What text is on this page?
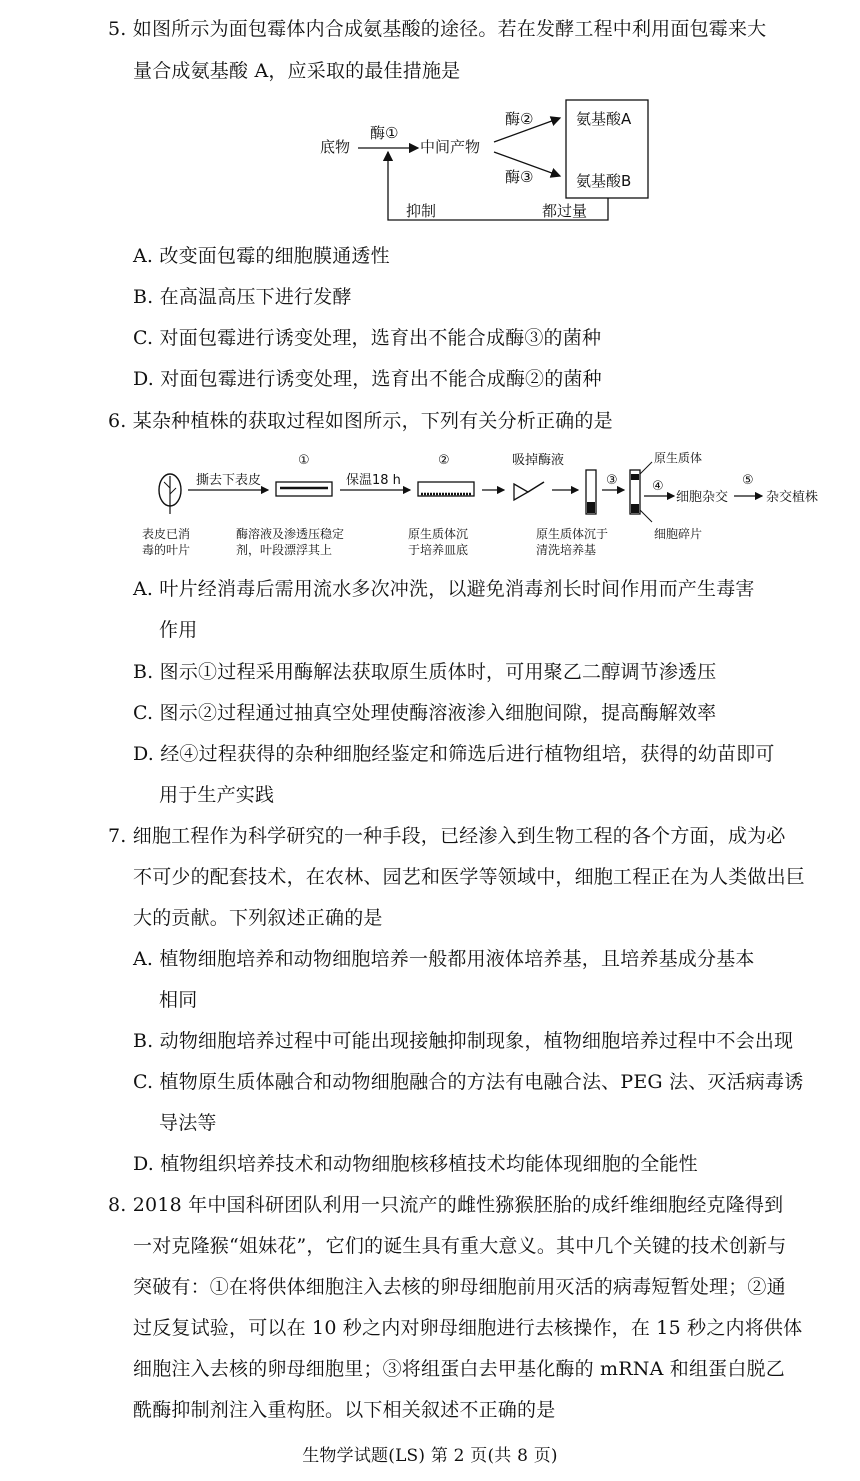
5. 如图所示为面包霉体内合成氨基酸的途径。若在发酵工程中利用面包霉来大
量合成氨基酸 A，应采取的最佳措施是
底物
酶①
中间产物
酶②
酶③
氨基酸A
氨基酸B
抑制	都过量
A. 改变面包霉的细胞膜通透性
B. 在高温高压下进行发酵
C. 对面包霉进行诱变处理，选育出不能合成酶③的菌种
D. 对面包霉进行诱变处理，选育出不能合成酶②的菌种
6. 某杂种植株的获取过程如图所示，下列有关分析正确的是
表皮已消
毒的叶片
撕去下表皮
①
酶溶液及渗透压稳定
剂，叶段漂浮其上
保温18 h
②
原生质体沉
于培养皿底
吸掉酶液
原生质体沉于
清洗培养基
③
原生质体
细胞碎片
④
细胞杂交
⑤
杂交植株
A. 叶片经消毒后需用流水多次冲洗，以避免消毒剂长时间作用而产生毒害
作用
B. 图示①过程采用酶解法获取原生质体时，可用聚乙二醇调节渗透压
C. 图示②过程通过抽真空处理使酶溶液渗入细胞间隙，提高酶解效率
D. 经④过程获得的杂种细胞经鉴定和筛选后进行植物组培，获得的幼苗即可
用于生产实践
7. 细胞工程作为科学研究的一种手段，已经渗入到生物工程的各个方面，成为必
不可少的配套技术，在农林、园艺和医学等领域中，细胞工程正在为人类做出巨
大的贡献。下列叙述正确的是
A. 植物细胞培养和动物细胞培养一般都用液体培养基，且培养基成分基本
相同
B. 动物细胞培养过程中可能出现接触抑制现象，植物细胞培养过程中不会出现
C. 植物原生质体融合和动物细胞融合的方法有电融合法、PEG 法、灭活病毒诱
导法等
D. 植物组织培养技术和动物细胞核移植技术均能体现细胞的全能性
8. 2018 年中国科研团队利用一只流产的雌性猕猴胚胎的成纤维细胞经克隆得到
一对克隆猴“姐妹花”，它们的诞生具有重大意义。其中几个关键的技术创新与
突破有：①在将供体细胞注入去核的卵母细胞前用灭活的病毒短暂处理；②通
过反复试验，可以在 10 秒之内对卵母细胞进行去核操作，在 15 秒之内将供体
细胞注入去核的卵母细胞里；③将组蛋白去甲基化酶的 mRNA 和组蛋白脱乙
酰酶抑制剂注入重构胚。以下相关叙述不正确的是
生物学试题(LS) 第 2 页(共 8 页)
